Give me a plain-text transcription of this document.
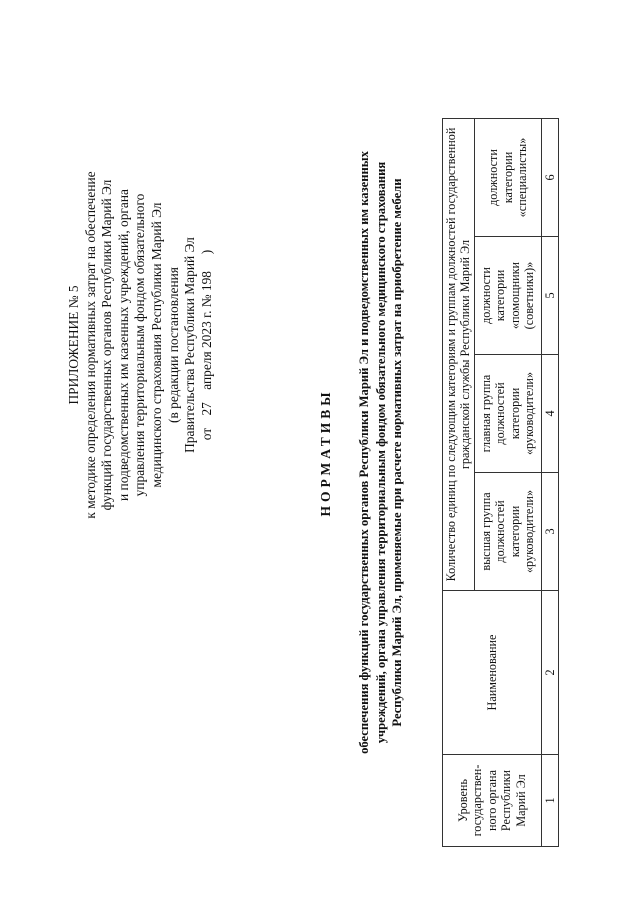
ПРИЛОЖЕНИЕ № 5 к методике определения нормативных затрат на обеспечение функций государственных органов Республики Марий Эл и подведомственных им казенных учреждений, органа управления территориальным фондом обязательного медицинского страхования Республики Марий Эл (в редакции постановления Правительства Республики Марий Эл от   27   апреля 2023 г. № 198     )
НОРМАТИВЫ обеспечения функций государственных органов Республики Марий Эл и подведомственных им казенных учреждений, органа управления территориальным фондом обязательного медицинского страхования Республики Марий Эл, применяемые при расчете нормативных затрат на приобретение мебели
Уровень государствен- ного органа Республики Марий Эл	Наименование	Количество единиц по следующим категориям и группам должностей государственной гражданской службы Республики Марий Эл			
		высшая группа должностей категории «руководители»	главная группа должностей категории «руководители»	должности категории «помощники (советники)»	должности категории «специалисты»
1	2	3	4	5	6
